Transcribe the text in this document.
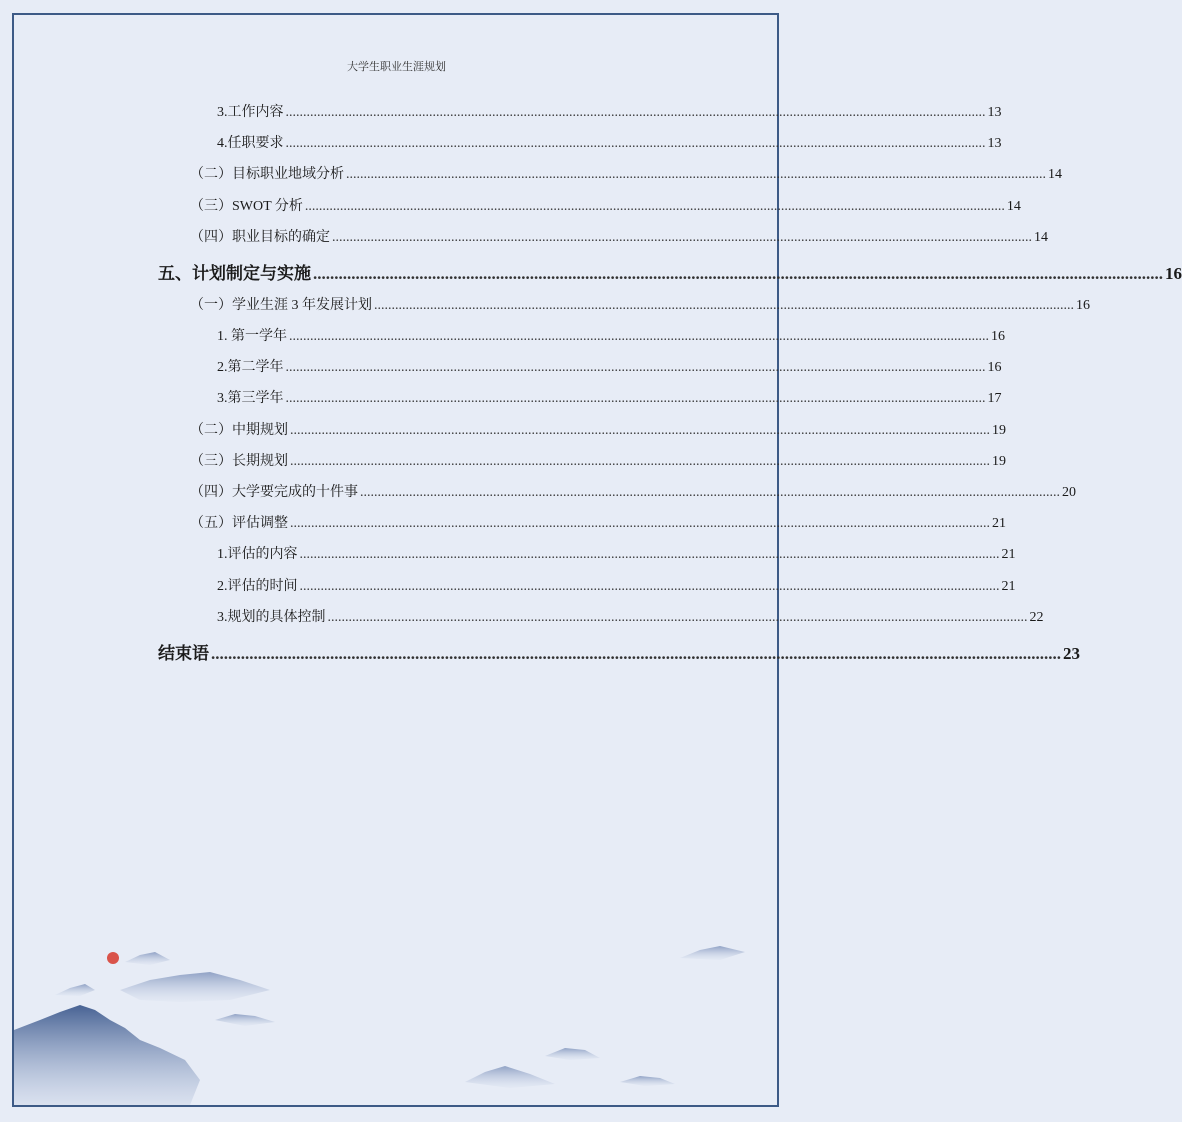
大学生职业生涯规划
3.工作内容 ........................................................................................................................................................................................................ 13
4.任职要求 ........................................................................................................................................................................................................ 13
（二）目标职业地域分析 ........................................................................................................................................................................................................ 14
（三）SWOT 分析 ........................................................................................................................................................................................................ 14
（四）职业目标的确定 ........................................................................................................................................................................................................ 14
五、计划制定与实施 ........................................................................................................................................................................................................ 16
（一）学业生涯 3 年发展计划 ........................................................................................................................................................................................................ 16
1. 第一学年 ........................................................................................................................................................................................................ 16
2.第二学年 ........................................................................................................................................................................................................ 16
3.第三学年 ........................................................................................................................................................................................................ 17
（二）中期规划 ........................................................................................................................................................................................................ 19
（三）长期规划 ........................................................................................................................................................................................................ 19
（四）大学要完成的十件事 ........................................................................................................................................................................................................ 20
（五）评估调整 ........................................................................................................................................................................................................ 21
1.评估的内容 ........................................................................................................................................................................................................ 21
2.评估的时间 ........................................................................................................................................................................................................ 21
3.规划的具体控制 ........................................................................................................................................................................................................ 22
结束语 ........................................................................................................................................................................................................ 23
